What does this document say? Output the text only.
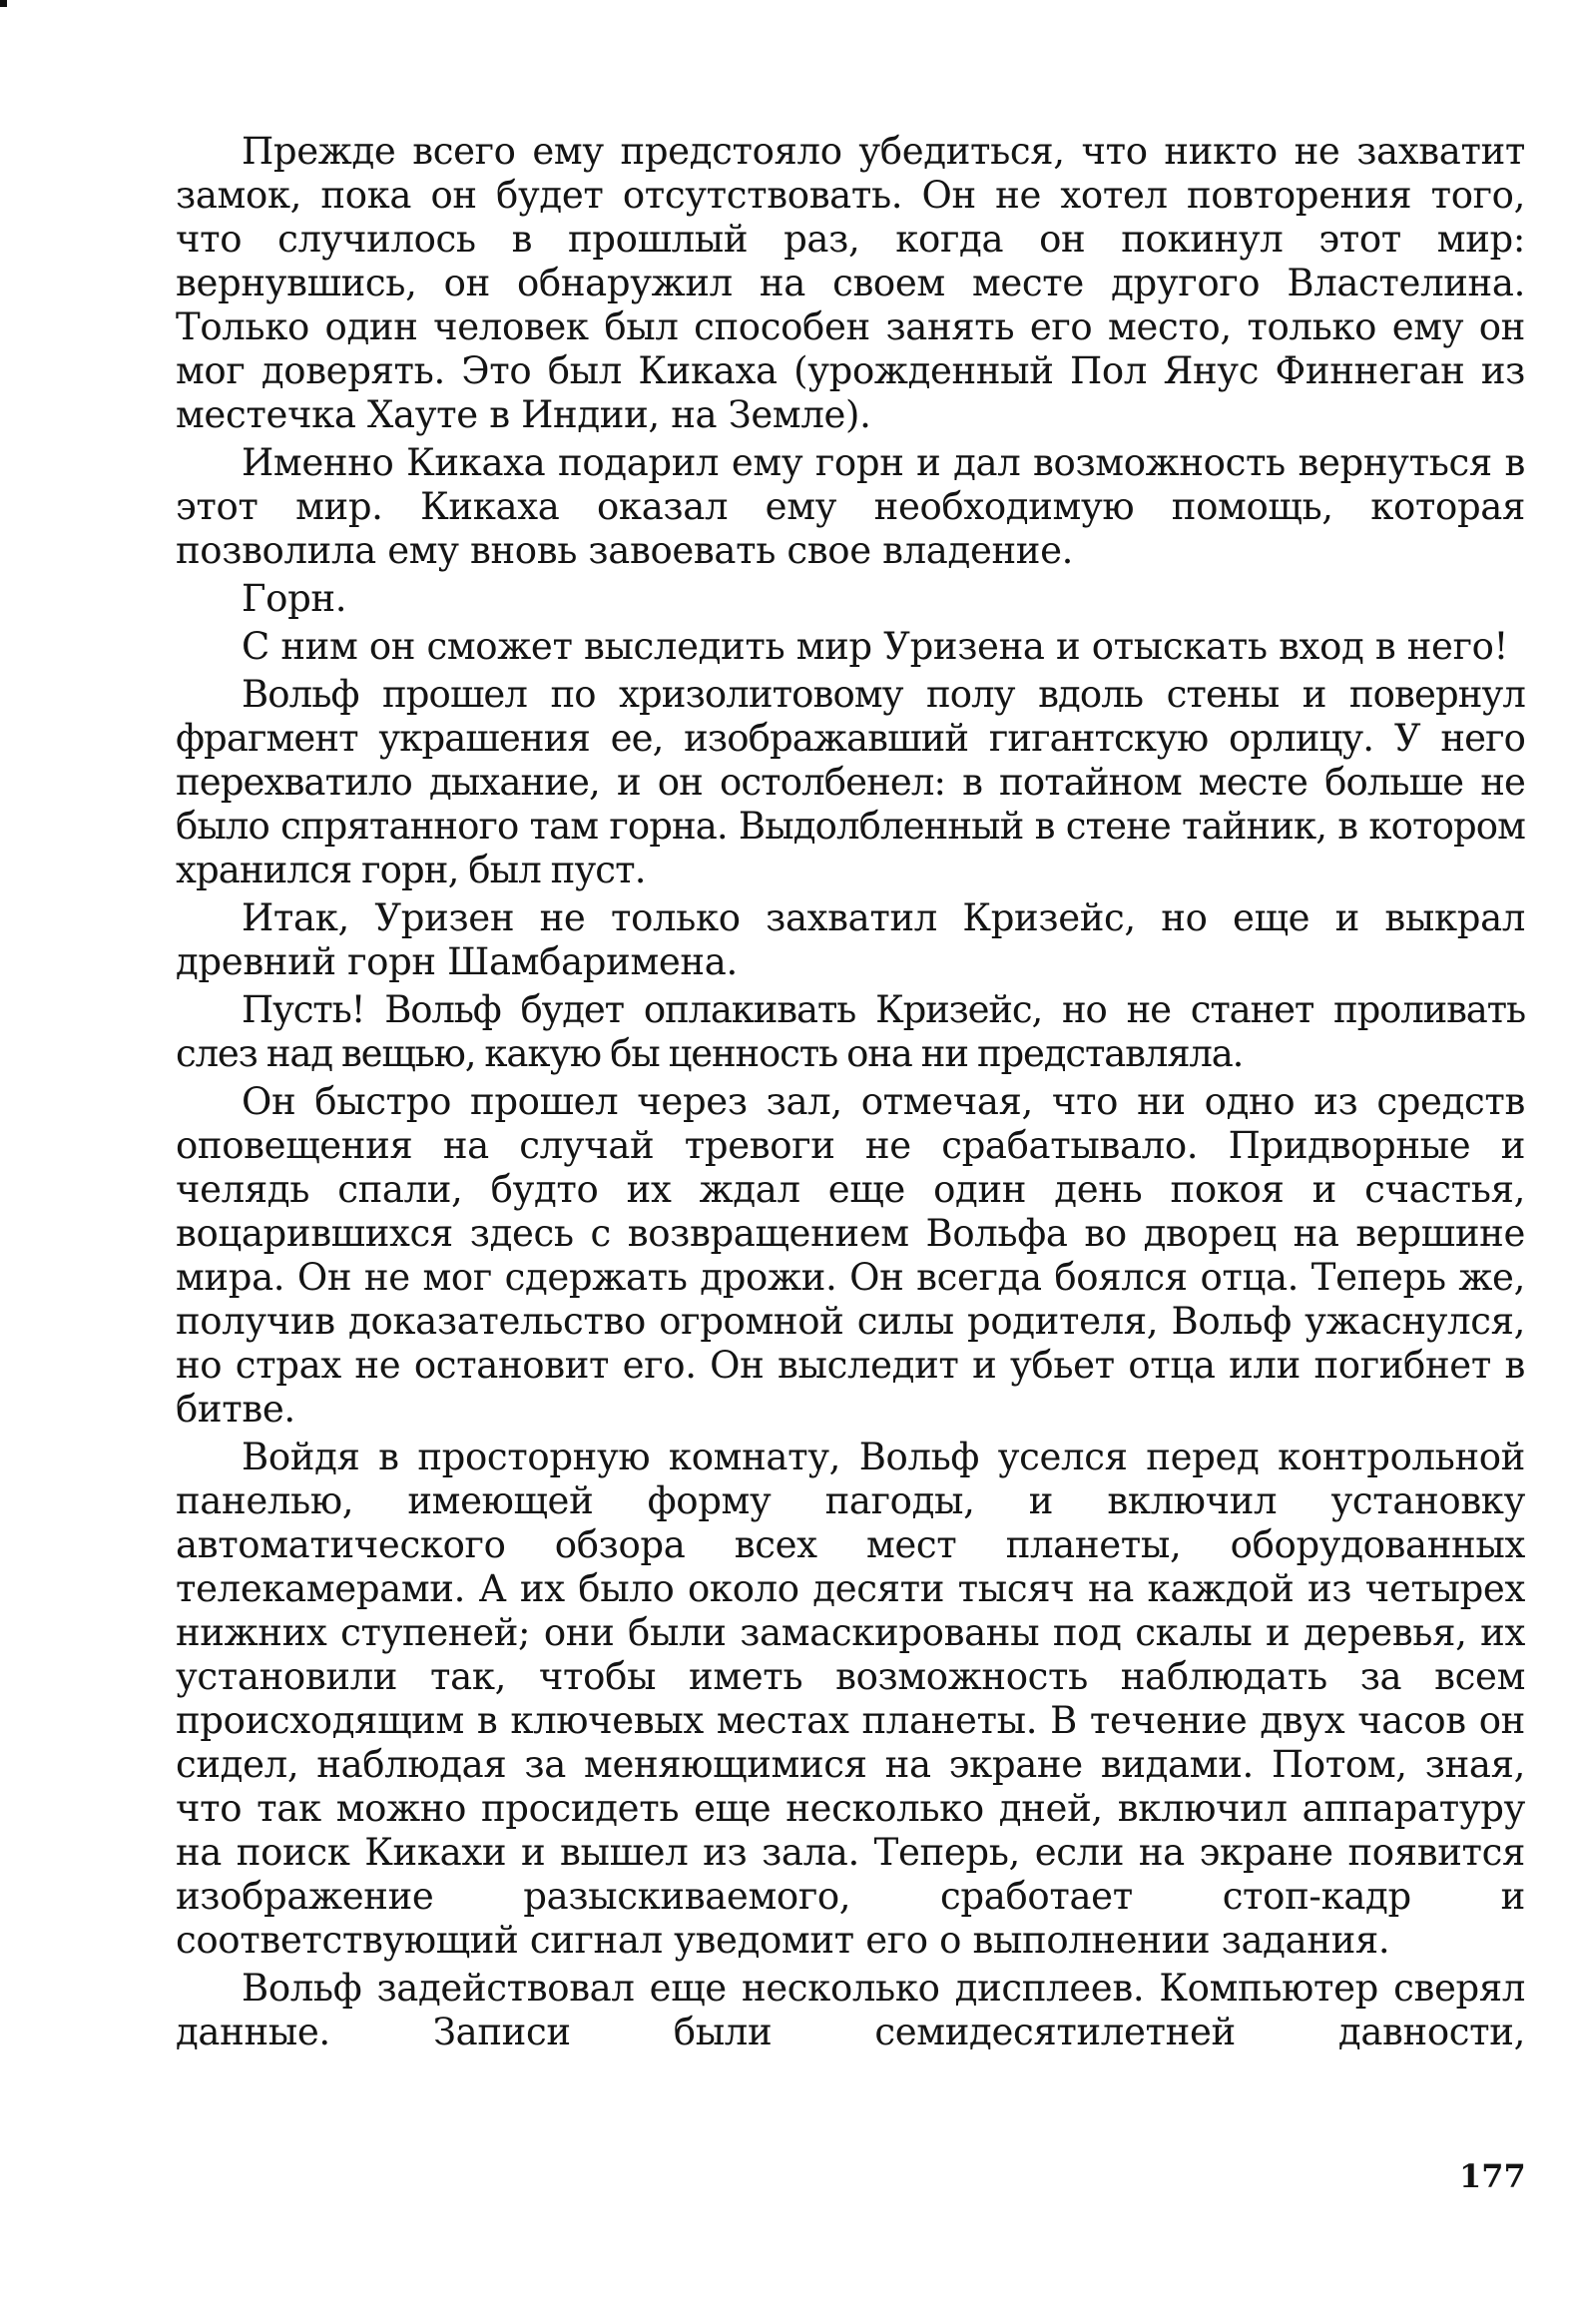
Прежде всего ему предстояло убедиться, что никто не захватит замок, пока он будет отсутствовать. Он не хотел повторения того, что случилось в прошлый раз, когда он покинул этот мир: вернувшись, он обнаружил на своем месте другого Властелина. Только один человек был способен занять его место, только ему он мог доверять. Это был Кикаха (урожденный Пол Янус Финнеган из местечка Хауте в Индии, на Земле).

Именно Кикаха подарил ему горн и дал возможность вернуться в этот мир. Кикаха оказал ему необходимую помощь, которая позволила ему вновь завоевать свое владение.

Горн.

С ним он сможет выследить мир Уризена и отыскать вход в него!

Вольф прошел по хризолитовому полу вдоль стены и повернул фрагмент украшения ее, изображавший гигантскую орлицу. У него перехватило дыхание, и он остолбенел: в потайном месте больше не было спрятанного там горна. Выдолбленный в стене тайник, в котором хранился горн, был пуст.

Итак, Уризен не только захватил Кризейс, но еще и выкрал древний горн Шамбаримена.

Пусть! Вольф будет оплакивать Кризейс, но не станет проливать слез над вещью, какую бы ценность она ни представляла.

Он быстро прошел через зал, отмечая, что ни одно из средств оповещения на случай тревоги не срабатывало. Придворные и челядь спали, будто их ждал еще один день покоя и счастья, воцарившихся здесь с возвращением Вольфа во дворец на вершине мира. Он не мог сдержать дрожи. Он всегда боялся отца. Теперь же, получив доказательство огромной силы родителя, Вольф ужаснулся, но страх не остановит его. Он выследит и убьет отца или погибнет в битве.

Войдя в просторную комнату, Вольф уселся перед контрольной панелью, имеющей форму пагоды, и включил установку автоматического обзора всех мест планеты, оборудованных телекамерами. А их было около десяти тысяч на каждой из четырех нижних ступеней; они были замаскированы под скалы и деревья, их установили так, чтобы иметь возможность наблюдать за всем происходящим в ключевых местах планеты. В течение двух часов он сидел, наблюдая за меняющимися на экране видами. Потом, зная, что так можно просидеть еще несколько дней, включил аппаратуру на поиск Кикахи и вышел из зала. Теперь, если на экране появится изображение разыскиваемого, сработает стоп-кадр и соответствующий сигнал уведомит его о выполнении задания.

Вольф задействовал еще несколько дисплеев. Компьютер сверял данные. Записи были семидесятилетней давности,

177
